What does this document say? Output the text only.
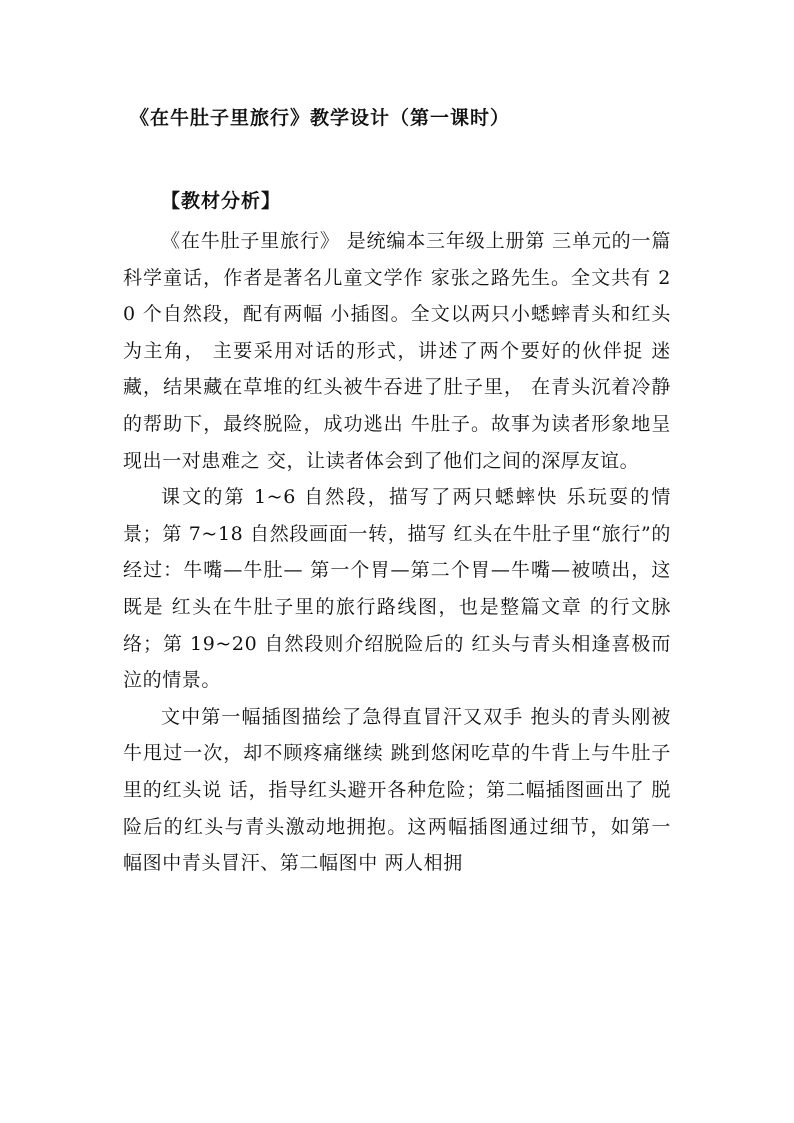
《在牛肚子里旅行》教学设计（第一课时）
【教材分析】

《在牛肚子里旅行》 是统编本三年级上册第 三单元的一篇科学童话，作者是著名儿童文学作 家张之路先生。全文共有 20 个自然段，配有两幅 小插图。全文以两只小蟋蟀青头和红头为主角， 主要采用对话的形式，讲述了两个要好的伙伴捉 迷藏，结果藏在草堆的红头被牛吞进了肚子里， 在青头沉着冷静的帮助下，最终脱险，成功逃出 牛肚子。故事为读者形象地呈现出一对患难之 交，让读者体会到了他们之间的深厚友谊。

课文的第 1~6 自然段，描写了两只蟋蟀快 乐玩耍的情景；第 7~18 自然段画面一转，描写 红头在牛肚子里“旅行”的经过：牛嘴—牛肚— 第一个胃—第二个胃—牛嘴—被喷出，这既是 红头在牛肚子里的旅行路线图，也是整篇文章 的行文脉络；第 19~20 自然段则介绍脱险后的 红头与青头相逢喜极而泣的情景。

文中第一幅插图描绘了急得直冒汗又双手 抱头的青头刚被牛甩过一次，却不顾疼痛继续 跳到悠闲吃草的牛背上与牛肚子里的红头说 话，指导红头避开各种危险；第二幅插图画出了 脱险后的红头与青头激动地拥抱。这两幅插图通过细节，如第一幅图中青头冒汗、第二幅图中 两人相拥
